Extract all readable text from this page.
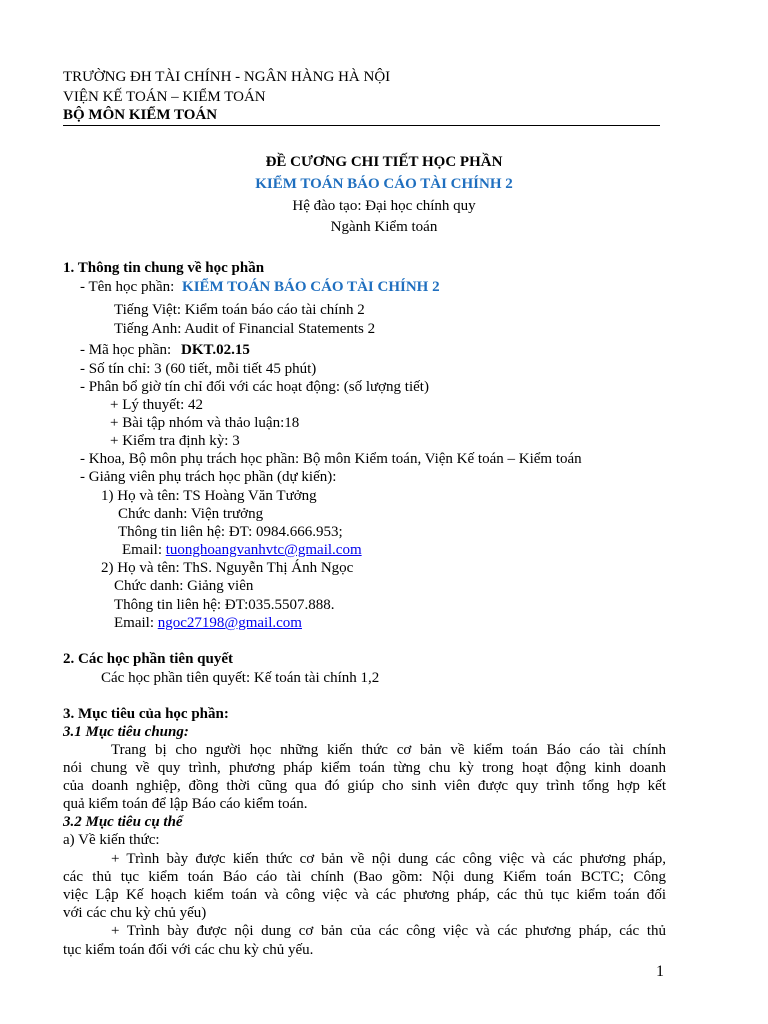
TRƯỜNG ĐH TÀI CHÍNH - NGÂN HÀNG HÀ NỘI
VIỆN KẾ TOÁN – KIỂM TOÁN
BỘ MÔN KIỂM TOÁN
ĐỀ CƯƠNG CHI TIẾT HỌC PHẦN
KIỂM TOÁN BÁO CÁO TÀI CHÍNH 2
Hệ đào tạo: Đại học chính quy
Ngành Kiểm toán
1. Thông tin chung về học phần
- Tên học phần: KIỂM TOÁN BÁO CÁO TÀI CHÍNH 2
Tiếng Việt: Kiểm toán báo cáo tài chính 2
Tiếng Anh: Audit of Financial Statements 2
- Mã học phần: DKT.02.15
- Số tín chỉ: 3 (60 tiết, mỗi tiết 45 phút)
- Phân bổ giờ tín chỉ đối với các hoạt động: (số lượng tiết)
+ Lý thuyết: 42
+ Bài tập nhóm và thảo luận:18
+ Kiểm tra định kỳ: 3
- Khoa, Bộ môn phụ trách học phần: Bộ môn Kiểm toán, Viện Kế toán – Kiểm toán
- Giảng viên phụ trách học phần (dự kiến):
1) Họ và tên: TS Hoàng Văn Tưởng
Chức danh: Viện trưởng
Thông tin liên hệ: ĐT: 0984.666.953;
Email: tuonghoangvanhvtc@gmail.com
2) Họ và tên: ThS. Nguyễn Thị Ánh Ngọc
Chức danh: Giảng viên
Thông tin liên hệ: ĐT:035.5507.888.
Email: ngoc27198@gmail.com
2. Các học phần tiên quyết
Các học phần tiên quyết: Kế toán tài chính 1,2
3. Mục tiêu của học phần:
3.1 Mục tiêu chung:
Trang bị cho người học những kiến thức cơ bản về kiểm toán Báo cáo tài chính
nói chung về quy trình, phương pháp kiểm toán từng chu kỳ trong hoạt động kinh doanh
của doanh nghiệp, đồng thời cũng qua đó giúp cho sinh viên được quy trình tổng hợp kết
quả kiểm toán để lập Báo cáo kiểm toán.
3.2 Mục tiêu cụ thể
a) Về kiến thức:
+ Trình bày được kiến thức cơ bản về nội dung các công việc và các phương pháp,
các thủ tục kiểm toán Báo cáo tài chính (Bao gồm: Nội dung Kiểm toán BCTC; Công
việc Lập Kế hoạch kiểm toán và công việc và các phương pháp, các thủ tục kiểm toán đối
với các chu kỳ chủ yếu)
+ Trình bày được nội dung cơ bản của các công việc và các phương pháp, các thủ
tục kiểm toán đối với các chu kỳ chủ yếu.
1
